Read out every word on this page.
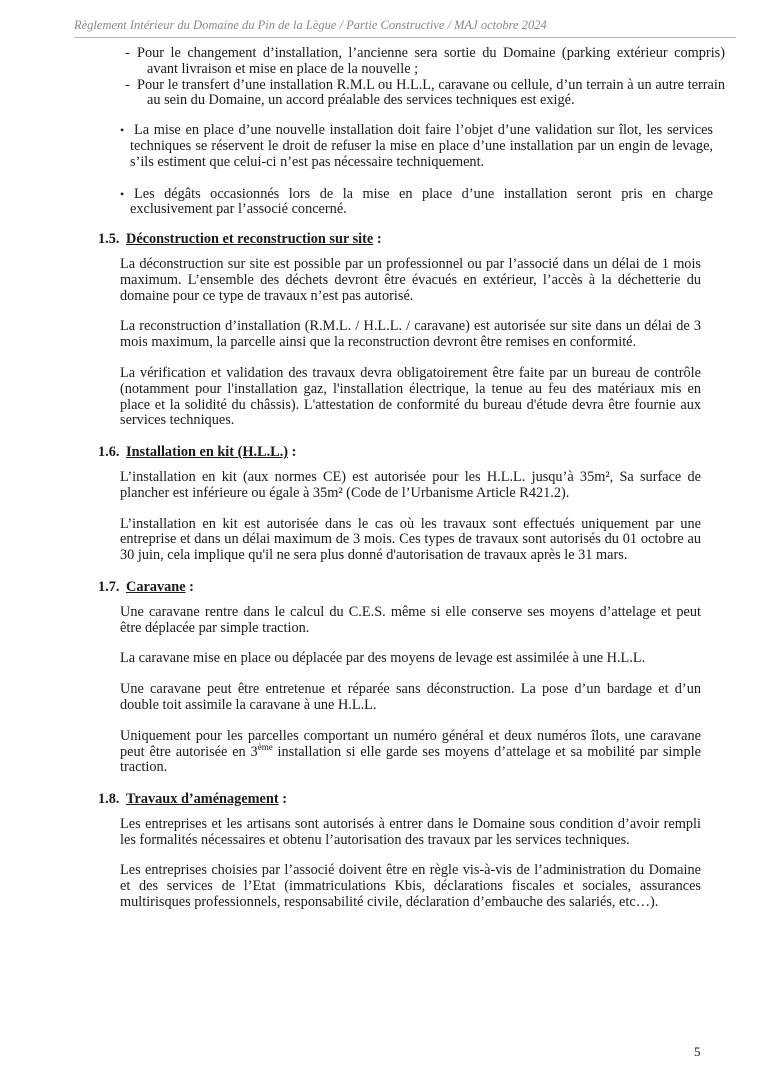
Règlement Intérieur du Domaine du Pin de la Lègue / Partie Constructive / MAJ octobre 2024

- Pour le changement d’installation, l’ancienne sera sortie du Domaine (parking extérieur compris) avant livraison et mise en place de la nouvelle ;

- Pour le transfert d’une installation R.M.L ou H.L.L, caravane ou cellule, d’un terrain à un autre terrain au sein du Domaine, un accord préalable des services techniques est exigé.

• La mise en place d’une nouvelle installation doit faire l’objet d’une validation sur îlot, les services techniques se réservent le droit de refuser la mise en place d’une installation par un engin de levage, s’ils estiment que celui-ci n’est pas nécessaire techniquement.

• Les dégâts occasionnés lors de la mise en place d’une installation seront pris en charge exclusivement par l’associé concerné.

1.5. Déconstruction et reconstruction sur site :

La déconstruction sur site est possible par un professionnel ou par l’associé dans un délai de 1 mois maximum. L’ensemble des déchets devront être évacués en extérieur, l’accès à la déchetterie du domaine pour ce type de travaux n’est pas autorisé.

La reconstruction d’installation (R.M.L. / H.L.L. / caravane) est autorisée sur site dans un délai de 3 mois maximum, la parcelle ainsi que la reconstruction devront être remises en conformité.

La vérification et validation des travaux devra obligatoirement être faite par un bureau de contrôle (notamment pour l'installation gaz, l'installation électrique, la tenue au feu des matériaux mis en place et la solidité du châssis). L'attestation de conformité du bureau d'étude devra être fournie aux services techniques.

1.6. Installation en kit (H.L.L.) :

L’installation en kit (aux normes CE) est autorisée pour les H.L.L. jusqu’à 35m², Sa surface de plancher est inférieure ou égale à 35m² (Code de l’Urbanisme Article R421.2).

L’installation en kit est autorisée dans le cas où les travaux sont effectués uniquement par une entreprise et dans un délai maximum de 3 mois. Ces types de travaux sont autorisés du 01 octobre au 30 juin, cela implique qu'il ne sera plus donné d'autorisation de travaux après le 31 mars.

1.7. Caravane :

Une caravane rentre dans le calcul du C.E.S. même si elle conserve ses moyens d’attelage et peut être déplacée par simple traction.

La caravane mise en place ou déplacée par des moyens de levage est assimilée à une H.L.L.

Une caravane peut être entretenue et réparée sans déconstruction. La pose d’un bardage et d’un double toit assimile la caravane à une H.L.L.

Uniquement pour les parcelles comportant un numéro général et deux numéros îlots, une caravane peut être autorisée en 3ème installation si elle garde ses moyens d’attelage et sa mobilité par simple traction.

1.8. Travaux d’aménagement :

Les entreprises et les artisans sont autorisés à entrer dans le Domaine sous condition d’avoir rempli les formalités nécessaires et obtenu l’autorisation des travaux par les services techniques.

Les entreprises choisies par l’associé doivent être en règle vis-à-vis de l’administration du Domaine et des services de l’Etat (immatriculations Kbis, déclarations fiscales et sociales, assurances multirisques professionnels, responsabilité civile, déclaration d’embauche des salariés, etc…).

5
